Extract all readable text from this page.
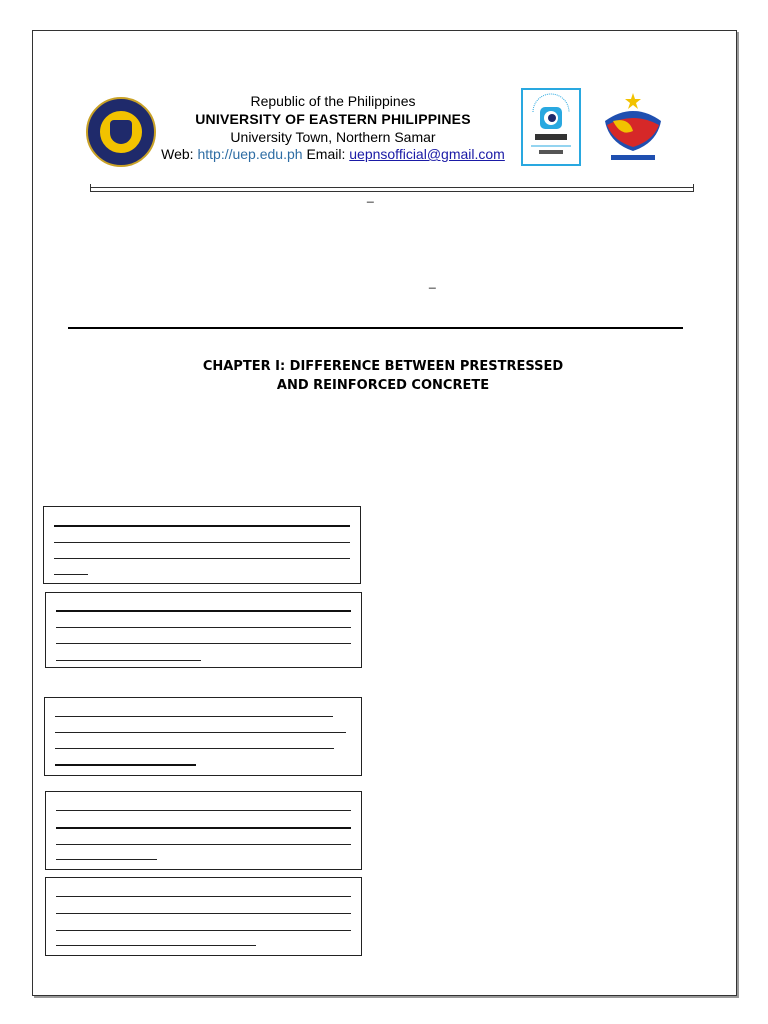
Republic of the Philippines
UNIVERSITY OF EASTERN PHILIPPINES
University Town, Northern Samar
Web: http://uep.edu.ph Email: uepnsofficial@gmail.com
_
_
CHAPTER I: DIFFERENCE BETWEEN PRESTRESSED
AND REINFORCED CONCRETE
